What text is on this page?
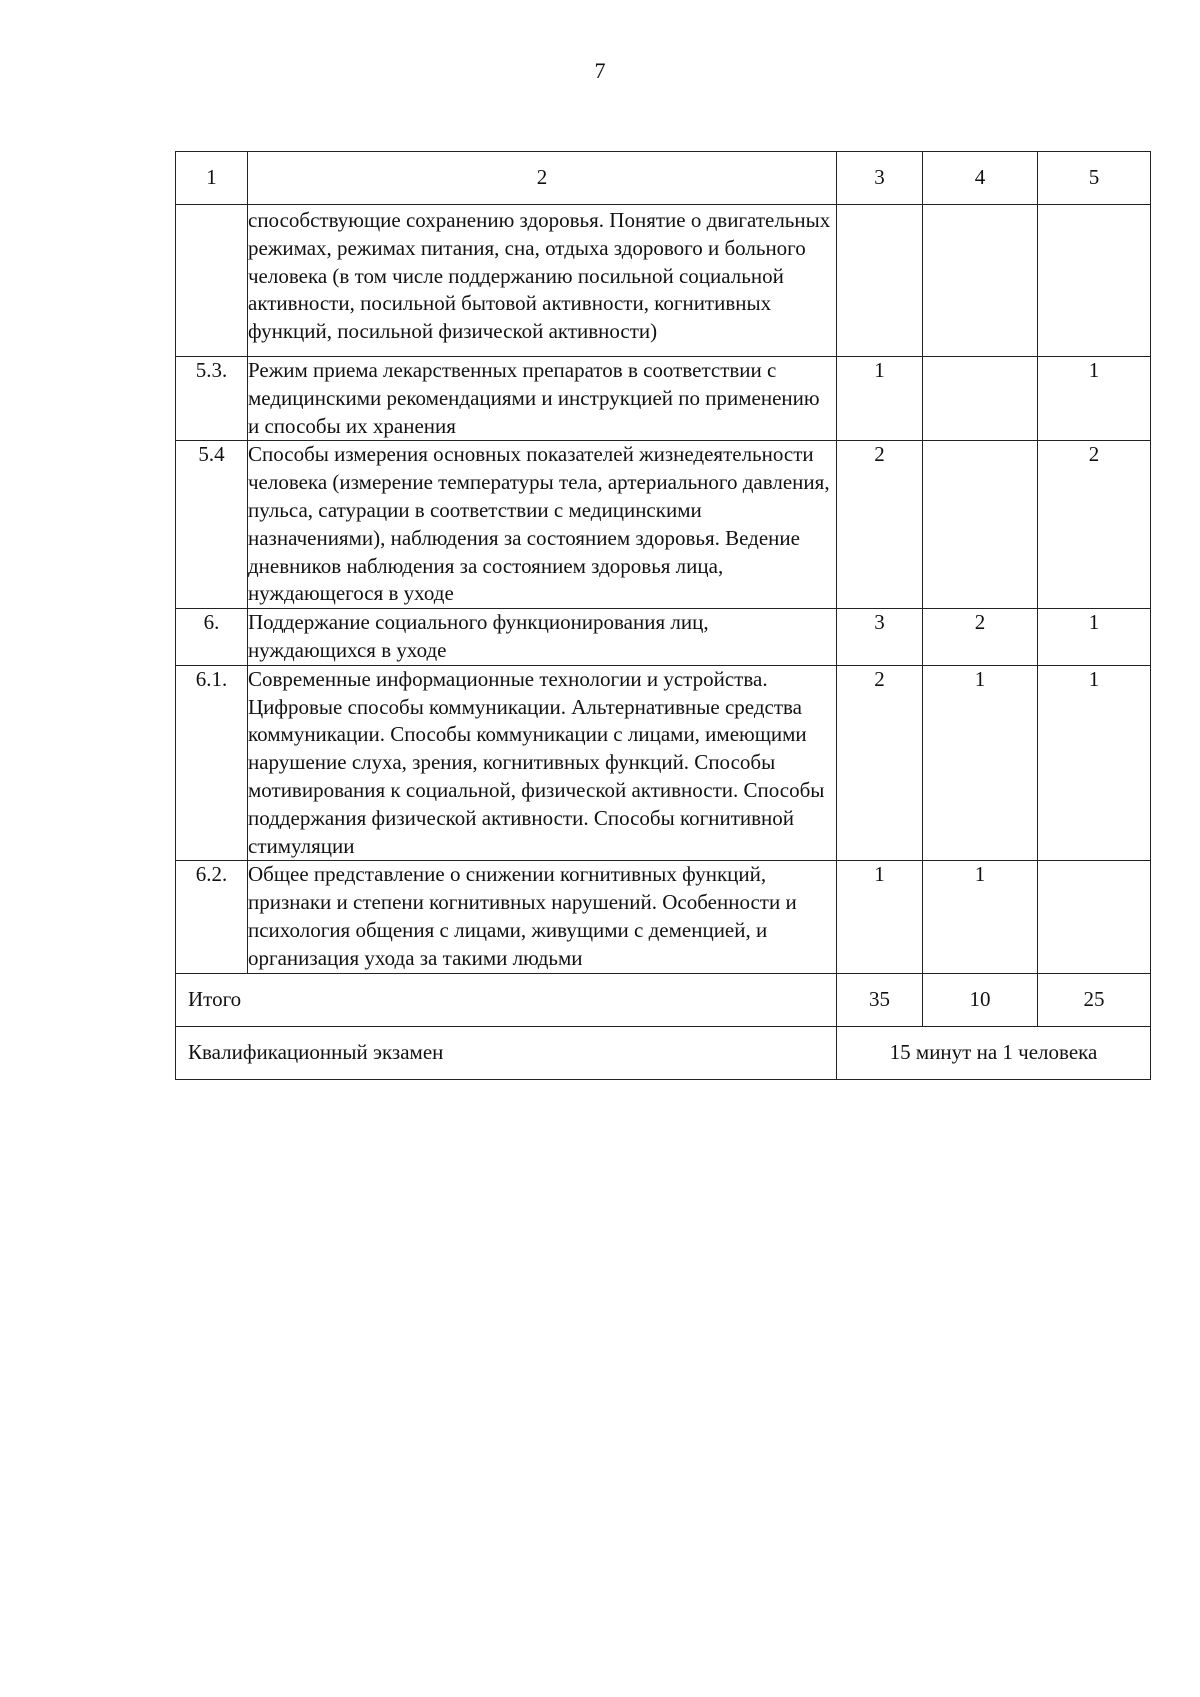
7
1	2	3	4	5
	способствующие сохранению здоровья. Понятие о двигательных режимах, режимах питания, сна, отдыха здорового и больного человека (в том числе поддержанию посильной социальной активности, посильной бытовой активности, когнитивных функций, посильной физической активности)			
5.3.	Режим приема лекарственных препаратов в соответствии с медицинскими рекомендациями и инструкцией по применению и способы их хранения	1		1
5.4	Способы измерения основных показателей жизнедеятельности человека (измерение температуры тела, артериального давления, пульса, сатурации в соответствии с медицинскими назначениями), наблюдения за состоянием здоровья. Ведение дневников наблюдения за состоянием здоровья лица, нуждающегося в уходе	2		2
6.	Поддержание социального функционирования лиц, нуждающихся в уходе	3	2	1
6.1.	Современные информационные технологии и устройства. Цифровые способы коммуникации. Альтернативные средства коммуникации. Способы коммуникации с лицами, имеющими нарушение слуха, зрения, когнитивных функций. Способы мотивирования к социальной, физической активности. Способы поддержания физической активности. Способы когнитивной стимуляции	2	1	1
6.2.	Общее представление о снижении когнитивных функций, признаки и степени когнитивных нарушений. Особенности и психология общения с лицами, живущими с деменцией, и организация ухода за такими людьми	1	1	
Итого		35	10	25
Квалификационный экзамен		15 минут на 1 человека		
